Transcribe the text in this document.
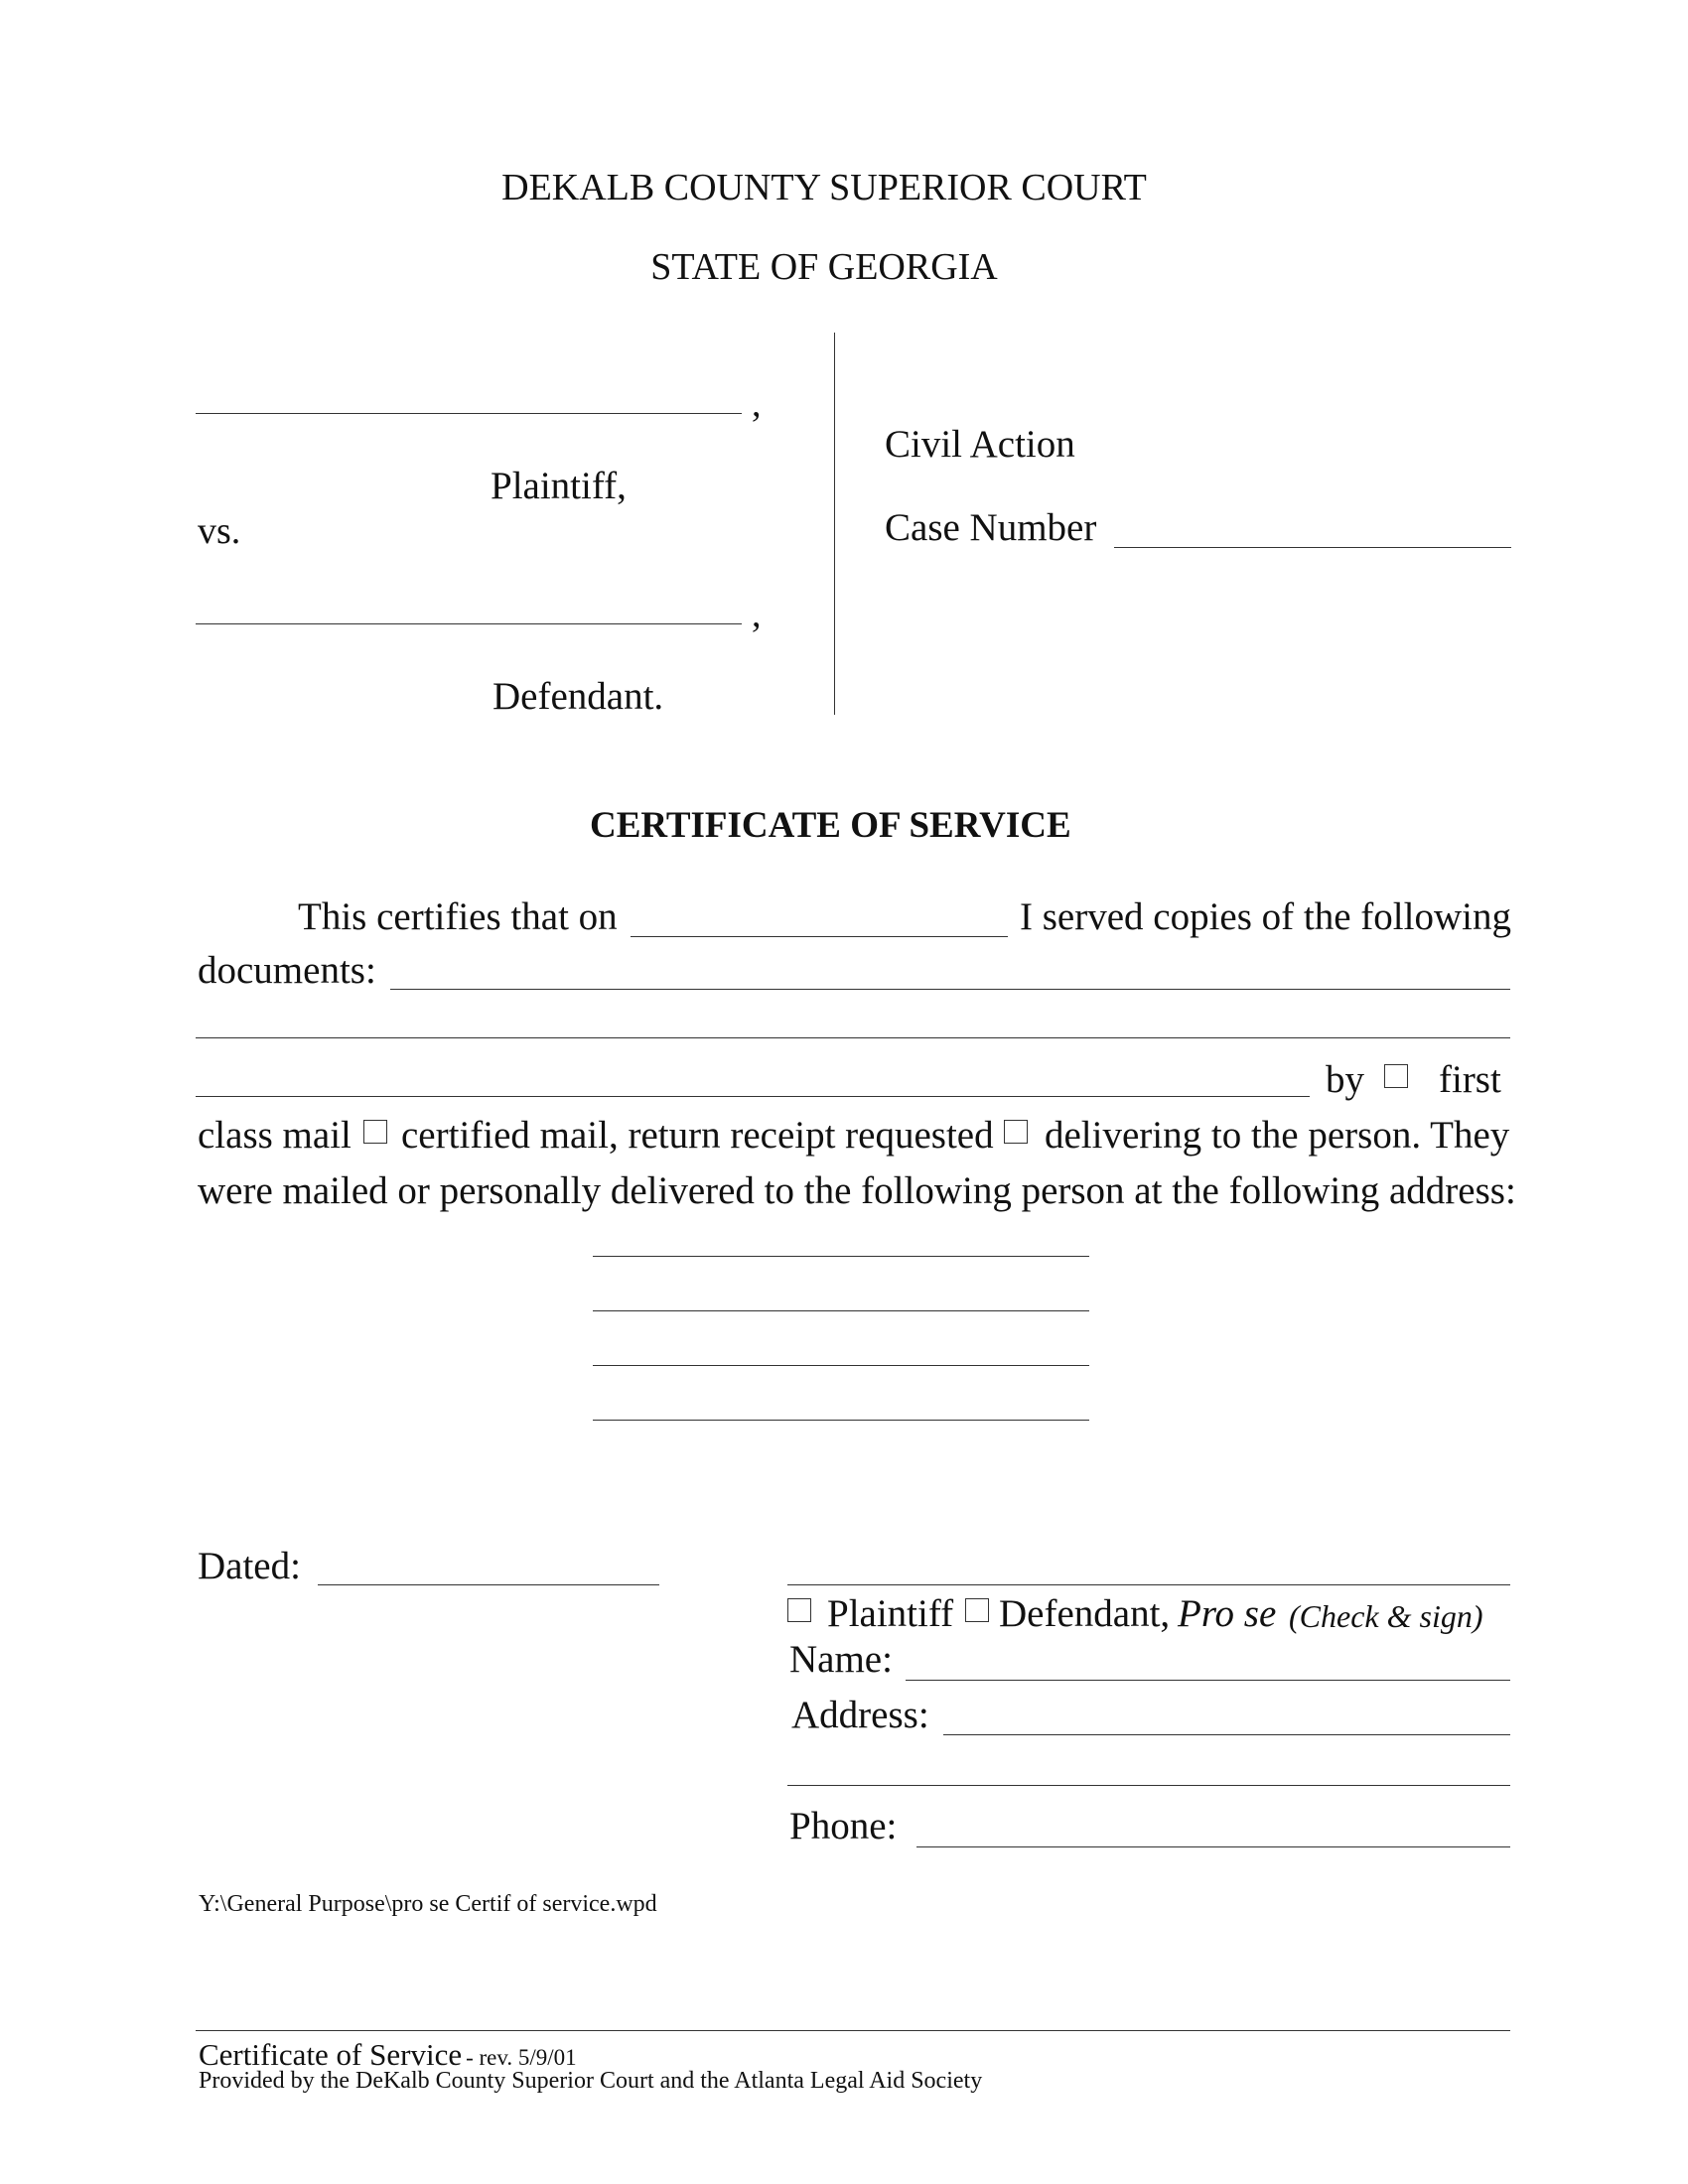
DEKALB COUNTY SUPERIOR COURT
STATE OF GEORGIA
,
Plaintiff,
vs.
,
Defendant.
Civil Action
Case Number
CERTIFICATE OF SERVICE
This certifies that on	I served copies of the following
documents:
by first
class mail certified mail, return receipt requested delivering to the person. They
were mailed or personally delivered to the following person at the following address:
Dated:
Plaintiff Defendant, Pro se (Check & sign)
Name:
Address:
Phone:
Y:\General Purpose\pro se Certif of service.wpd
Certificate of Service - rev. 5/9/01
Provided by the DeKalb County Superior Court and the Atlanta Legal Aid Society
